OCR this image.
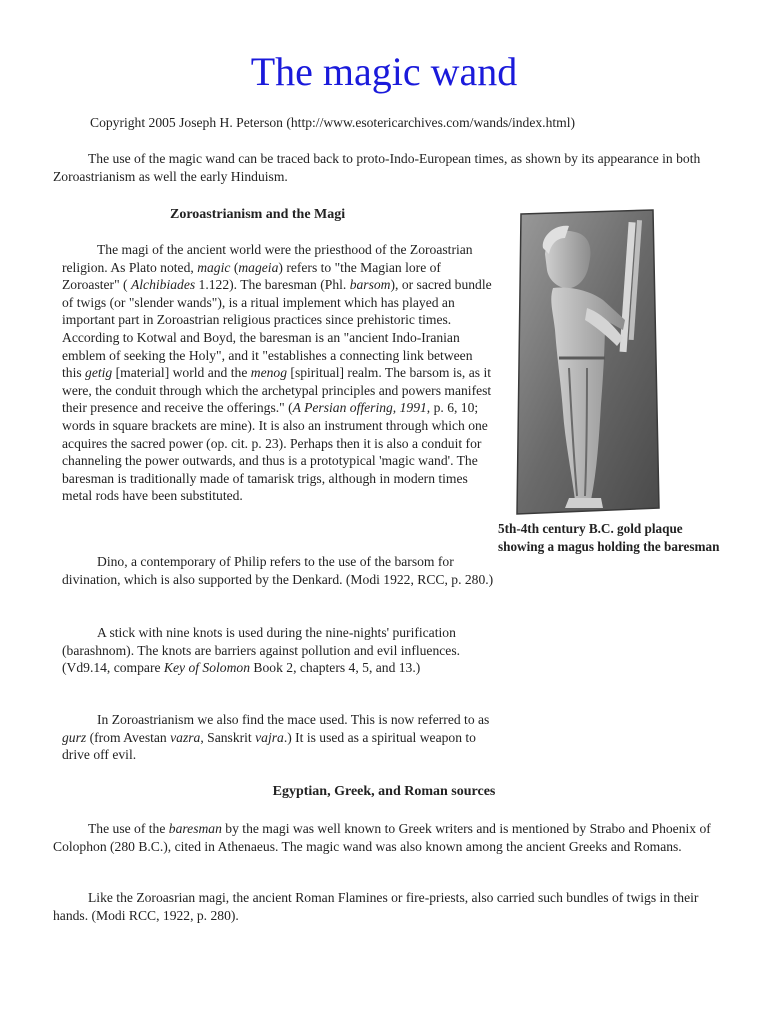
The magic wand
Copyright 2005 Joseph H. Peterson (http://www.esotericarchives.com/wands/index.html)

The use of the magic wand can be traced back to proto-Indo-European times, as shown by its appearance in both Zoroastrianism as well the early Hinduism.

Zoroastrianism and the Magi

The magi of the ancient world were the priesthood of the Zoroastrian religion. As Plato noted, magic (mageia) refers to "the Magian lore of Zoroaster" ( Alchibiades 1.122). The baresman (Phl. barsom), or sacred bundle of twigs (or "slender wands"), is a ritual implement which has played an important part in Zoroastrian religious practices since prehistoric times. According to Kotwal and Boyd, the baresman is an "ancient Indo-Iranian emblem of seeking the Holy", and it "establishes a connecting link between this getig [material] world and the menog [spiritual] realm. The barsom is, as it were, the conduit through which the archetypal principles and powers manifest their presence and receive the offerings." (A Persian offering, 1991, p. 6, 10; words in square brackets are mine). It is also an instrument through which one acquires the sacred power (op. cit. p. 23). Perhaps then it is also a conduit for channeling the power outwards, and thus is a prototypical 'magic wand'. The baresman is traditionally made of tamarisk trigs, although in modern times metal rods have been substituted.

Dino, a contemporary of Philip refers to the use of the barsom for divination, which is also supported by the Denkard. (Modi 1922, RCC, p. 280.)

A stick with nine knots is used during the nine-nights' purification (barashnom). The knots are barriers against pollution and evil influences. (Vd9.14, compare Key of Solomon Book 2, chapters 4, 5, and 13.)

In Zoroastrianism we also find the mace used. This is now referred to as gurz (from Avestan vazra, Sanskrit vajra.) It is used as a spiritual weapon to drive off evil.

5th-4th century B.C. gold plaque showing a magus holding the baresman

Egyptian, Greek, and Roman sources

The use of the baresman by the magi was well known to Greek writers and is mentioned by Strabo and Phoenix of Colophon (280 B.C.), cited in Athenaeus. The magic wand was also known among the ancient Greeks and Romans.

Like the Zoroasrian magi, the ancient Roman Flamines or fire-priests, also carried such bundles of twigs in their hands. (Modi RCC, 1922, p. 280).
